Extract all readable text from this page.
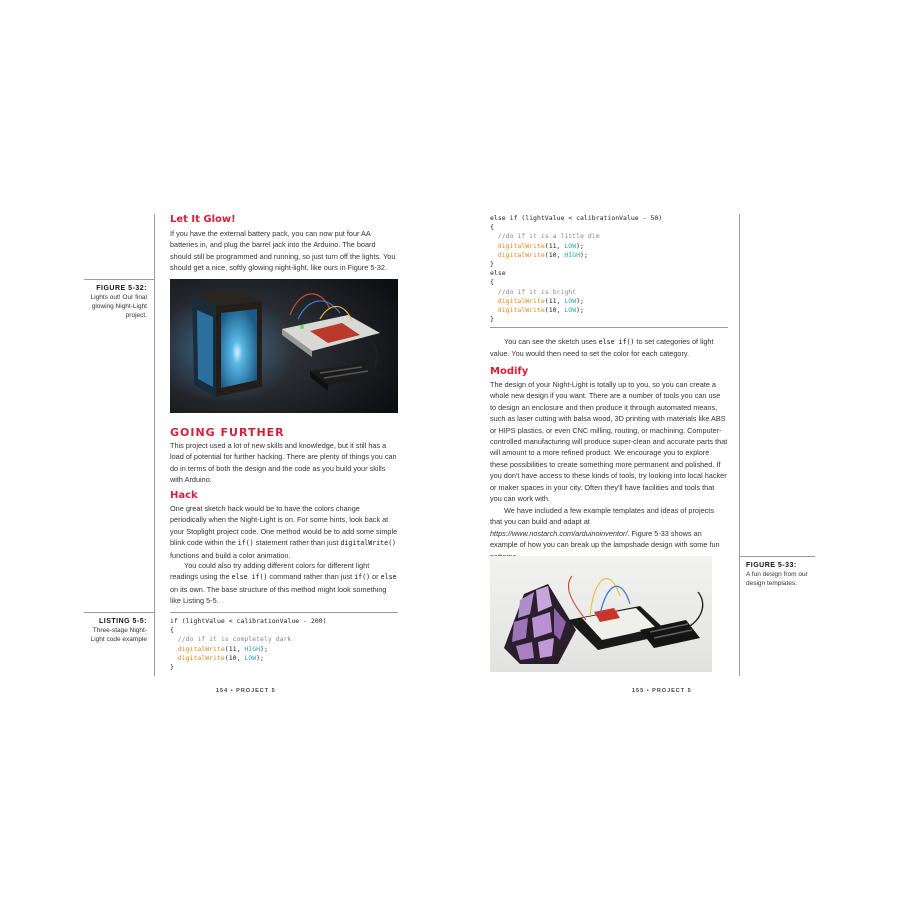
Let It Glow!

If you have the external battery pack, you can now put four AA batteries in, and plug the barrel jack into the Arduino. The board should still be programmed and running, so just turn off the lights. You should get a nice, softly glowing night-light, like ours in Figure 5-32.

FIGURE 5-32:
Lights out! Our final glowing Night-Light project.
GOING FURTHER

This project used a lot of new skills and knowledge, but it still has a load of potential for further hacking. There are plenty of things you can do in terms of both the design and the code as you build your skills with Arduino.

Hack

One great sketch hack would be to have the colors change periodically when the Night-Light is on. For some hints, look back at your Stoplight project code. One method would be to add some simple blink code within the if() statement rather than just digitalWrite() functions and build a color animation.

You could also try adding different colors for different light readings using the else if() command rather than just if() or else on its own. The base structure of this method might look something like Listing 5-5.

LISTING 5-5:
Three-stage Night-Light code example
if (lightValue < calibrationValue - 200)
{
//do if it is completely dark
digitalWrite(11, HIGH);
digitalWrite(10, LOW);
}
154 • PROJECT 5
else if (lightValue < calibrationValue - 50)
{
//do if it is a little dim
digitalWrite(11, LOW);
digitalWrite(10, HIGH);
}
else
{
//do if it is bright
digitalWrite(11, LOW);
digitalWrite(10, LOW);
}

You can see the sketch uses else if() to set categories of light value. You would then need to set the color for each category.

Modify

The design of your Night-Light is totally up to you, so you can create a whole new design if you want. There are a number of tools you can use to design an enclosure and then produce it through automated means, such as laser cutting with balsa wood, 3D printing with materials like ABS or HIPS plastics, or even CNC milling, routing, or machining. Computer-controlled manufacturing will produce super-clean and accurate parts that will amount to a more refined product. We encourage you to explore these possibilities to create something more permanent and polished. If you don't have access to these kinds of tools, try looking into local hacker or maker spaces in your city. Often they'll have facilities and tools that you can work with.

We have included a few example templates and ideas of projects that you can build and adapt at https://www.nostarch.com/arduinoinventor/. Figure 5-33 shows an example of how you can break up the lampshade design with some fun

FIGURE 5-33:
A fun design from our design templates.
155 • PROJECT 5
